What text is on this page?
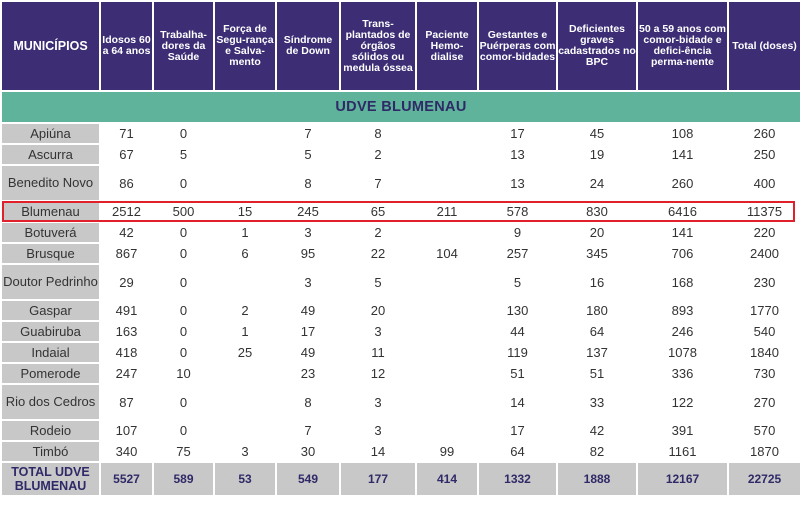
MUNICÍPIOS	Idosos 60 a 64 anos	Trabalha-dores da Saúde	Força de Segu-rança e Salva-mento	Síndrome de Down	Trans-plantados de órgãos sólidos ou medula óssea	Paciente Hemo-dialise	Gestantes e Puérperas com comor-bidades	Deficientes graves cadastrados no BPC	50 a 59 anos com comor-bidade e defici-ência perma-nente	Total (doses)
UDVE BLUMENAU										
Apiúna	71	0		7	8		17	45	108	260
Ascurra	67	5		5	2		13	19	141	250
Benedito Novo	86	0		8	7		13	24	260	400
Blumenau	2512	500	15	245	65	211	578	830	6416	11375
Botuverá	42	0	1	3	2		9	20	141	220
Brusque	867	0	6	95	22	104	257	345	706	2400
Doutor Pedrinho	29	0		3	5		5	16	168	230
Gaspar	491	0	2	49	20		130	180	893	1770
Guabiruba	163	0	1	17	3		44	64	246	540
Indaial	418	0	25	49	11		119	137	1078	1840
Pomerode	247	10		23	12		51	51	336	730
Rio dos Cedros	87	0		8	3		14	33	122	270
Rodeio	107	0		7	3		17	42	391	570
Timbó	340	75	3	30	14	99	64	82	1161	1870
TOTAL UDVE BLUMENAU	5527	589	53	549	177	414	1332	1888	12167	22725
